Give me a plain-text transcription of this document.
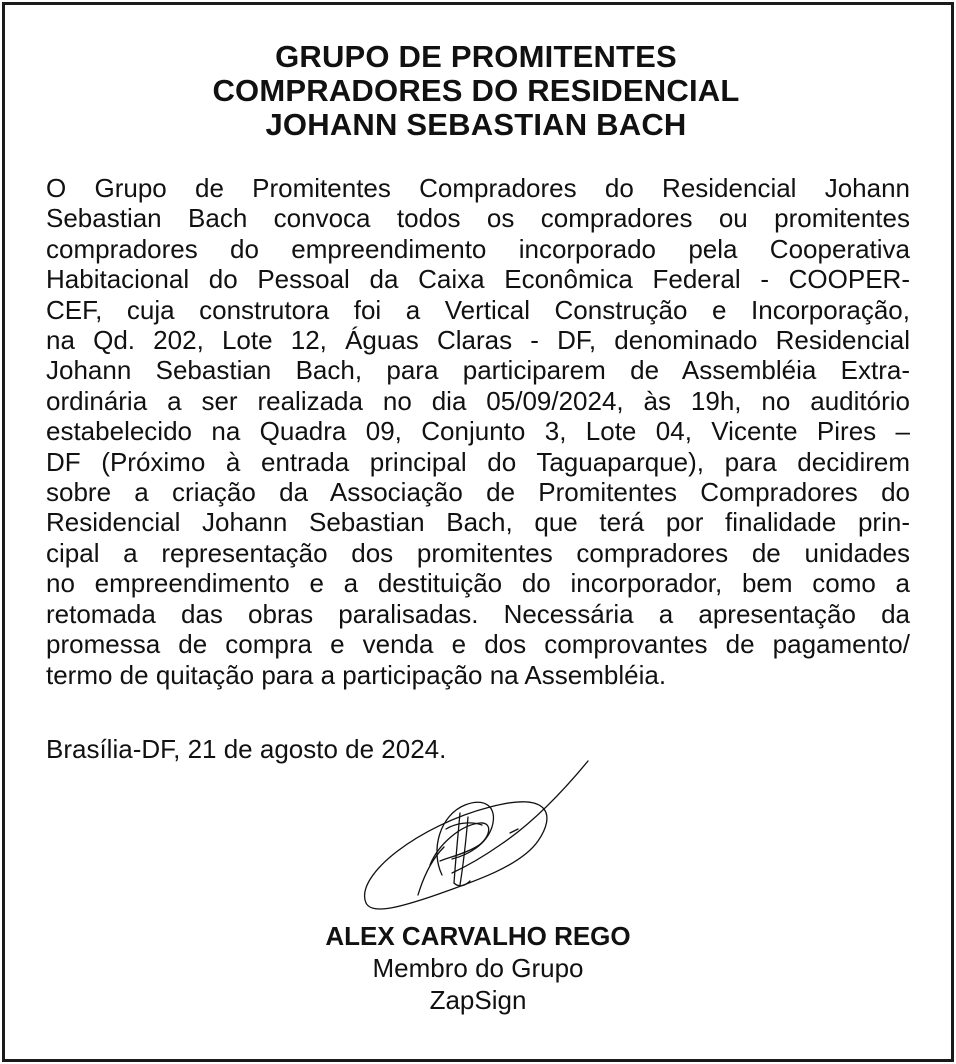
GRUPO DE PROMITENTES
COMPRADORES DO RESIDENCIAL
JOHANN SEBASTIAN BACH
O Grupo de Promitentes Compradores do Residencial Johann
Sebastian Bach convoca todos os compradores ou promitentes
compradores do empreendimento incorporado pela Cooperativa
Habitacional do Pessoal da Caixa Econômica Federal - COOPER-
CEF, cuja construtora foi a Vertical Construção e Incorporação,
na Qd. 202, Lote 12, Águas Claras - DF, denominado Residencial
Johann Sebastian Bach, para participarem de Assembléia Extra-
ordinária a ser realizada no dia 05/09/2024, às 19h, no auditório
estabelecido na Quadra 09, Conjunto 3, Lote 04, Vicente Pires –
DF (Próximo à entrada principal do Taguaparque), para decidirem
sobre a criação da Associação de Promitentes Compradores do
Residencial Johann Sebastian Bach, que terá por finalidade prin-
cipal a representação dos promitentes compradores de unidades
no empreendimento e a destituição do incorporador, bem como a
retomada das obras paralisadas. Necessária a apresentação da
promessa de compra e venda e dos comprovantes de pagamento/
termo de quitação para a participação na Assembléia.
Brasília-DF, 21 de agosto de 2024.
ALEX CARVALHO REGO
Membro do Grupo
ZapSign
